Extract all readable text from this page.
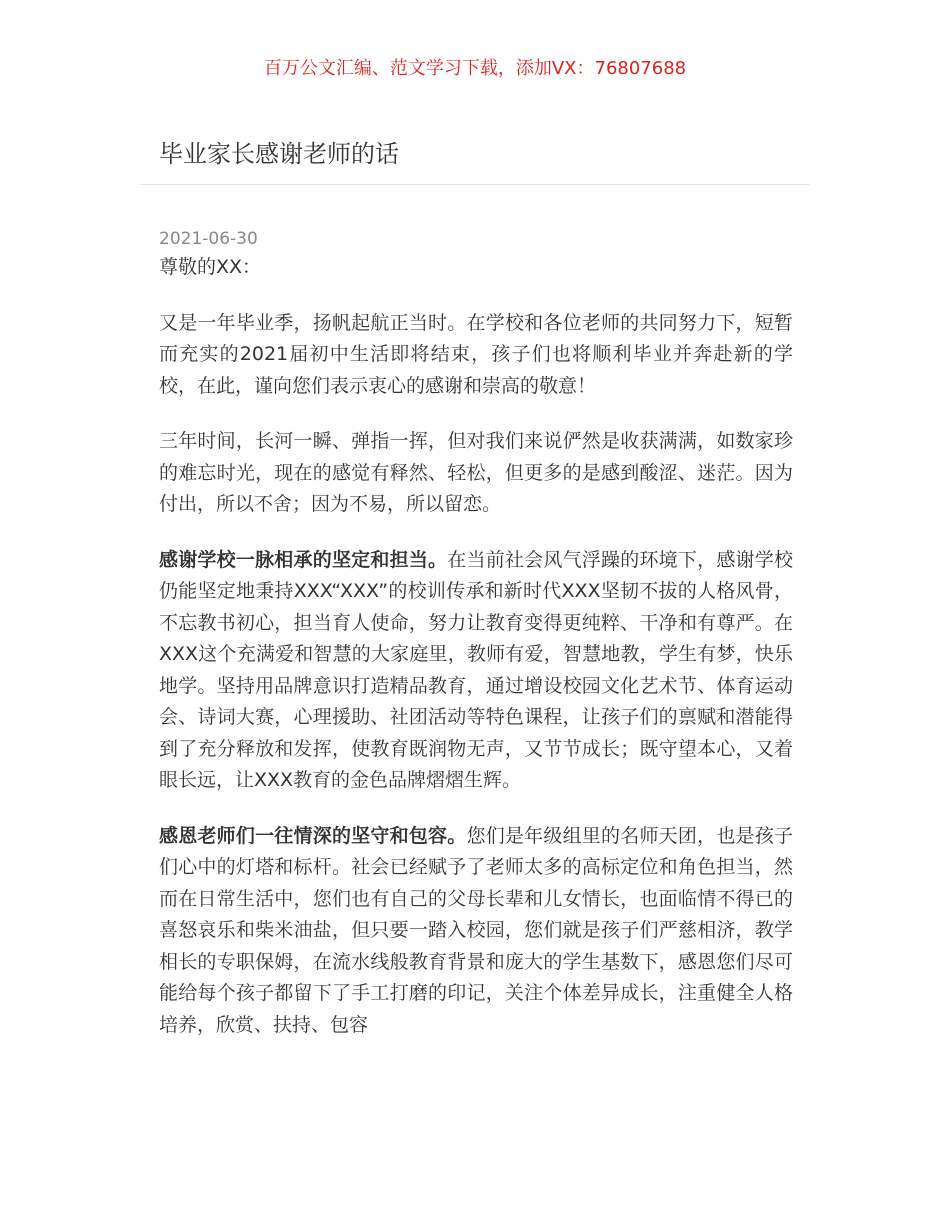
百万公文汇编、范文学习下载，添加VX：76807688
毕业家长感谢老师的话
2021-06-30

尊敬的XX：

又是一年毕业季，扬帆起航正当时。在学校和各位老师的共同努力下，短暂而充实的2021届初中生活即将结束，孩子们也将顺利毕业并奔赴新的学校，在此，谨向您们表示衷心的感谢和崇高的敬意！

三年时间，长河一瞬、弹指一挥，但对我们来说俨然是收获满满，如数家珍的难忘时光，现在的感觉有释然、轻松，但更多的是感到酸涩、迷茫。因为付出，所以不舍；因为不易，所以留恋。

感谢学校一脉相承的坚定和担当。在当前社会风气浮躁的环境下，感谢学校仍能坚定地秉持XXX“XXX”的校训传承和新时代XXX坚韧不拔的人格风骨，不忘教书初心，担当育人使命，努力让教育变得更纯粹、干净和有尊严。在XXX这个充满爱和智慧的大家庭里，教师有爱，智慧地教，学生有梦，快乐地学。坚持用品牌意识打造精品教育，通过增设校园文化艺术节、体育运动会、诗词大赛，心理援助、社团活动等特色课程，让孩子们的禀赋和潜能得到了充分释放和发挥，使教育既润物无声，又节节成长；既守望本心，又着眼长远，让XXX教育的金色品牌熠熠生辉。

感恩老师们一往情深的坚守和包容。您们是年级组里的名师天团，也是孩子们心中的灯塔和标杆。社会已经赋予了老师太多的高标定位和角色担当，然而在日常生活中，您们也有自己的父母长辈和儿女情长，也面临情不得已的喜怒哀乐和柴米油盐，但只要一踏入校园，您们就是孩子们严慈相济，教学相长的专职保姆，在流水线般教育背景和庞大的学生基数下，感恩您们尽可能给每个孩子都留下了手工打磨的印记，关注个体差异成长，注重健全人格培养，欣赏、扶持、包容
